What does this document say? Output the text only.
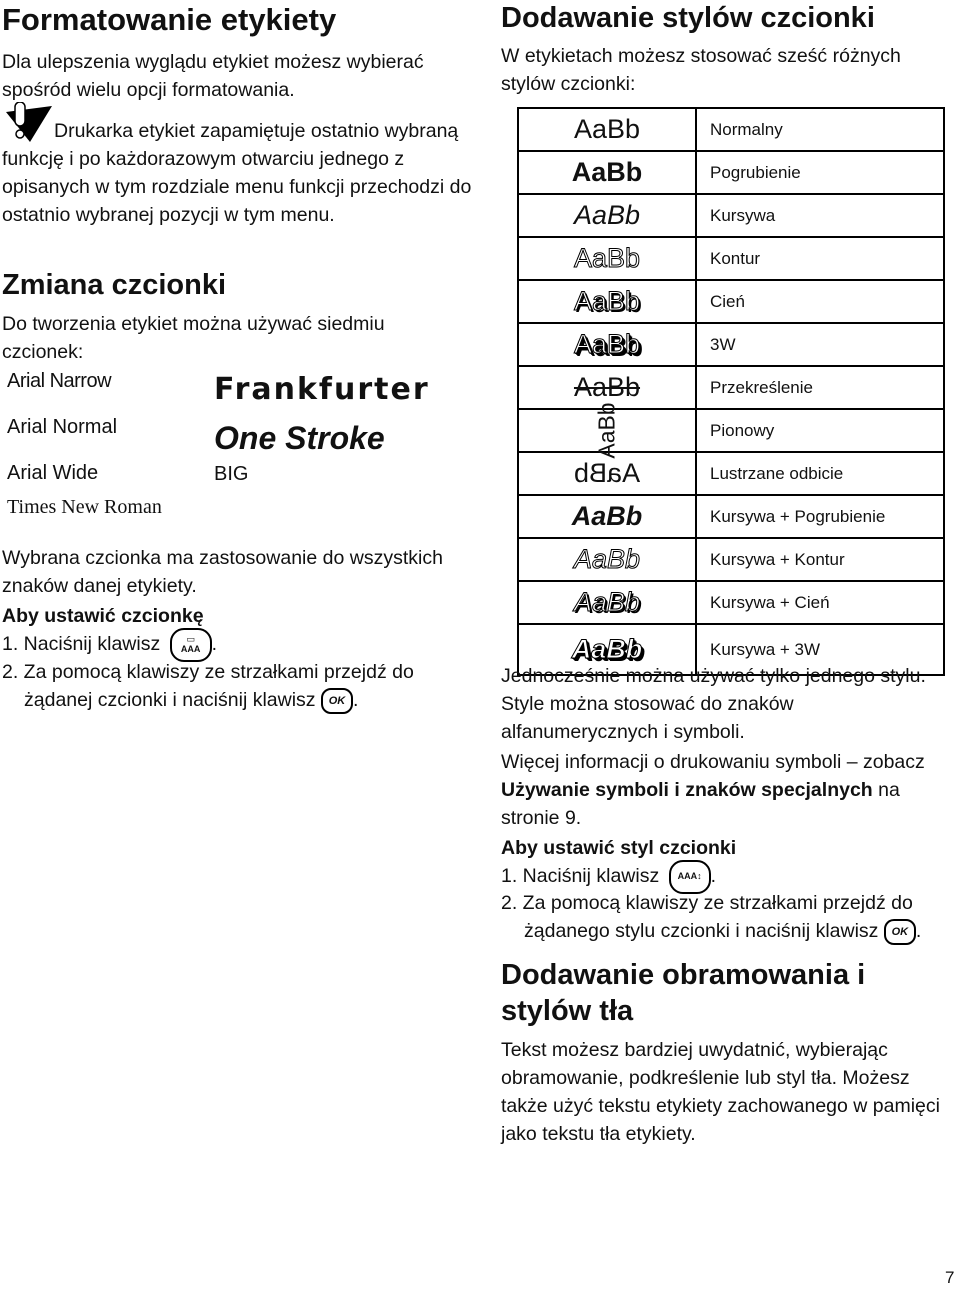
Formatowanie etykiety
Dla ulepszenia wyglądu etykiet możesz wybierać spośród wielu opcji formatowania.
Drukarka etykiet zapamiętuje ostatnio wybraną funkcję i po każdorazowym otwarciu jednego z opisanych w tym rozdziale menu funkcji przechodzi do ostatnio wybranej pozycji w tym menu.
Zmiana czcionki
Do tworzenia etykiet można używać siedmiu czcionek:
Arial Narrow
Arial Normal
Arial Wide
Times New Roman
Frankfurter
One Stroke
BIG
Wybrana czcionka ma zastosowanie do wszystkich znaków danej etykiety.
Aby ustawić czcionkę
1. Naciśnij klawisz	▭
AAA .
2. Za pomocą klawiszy ze strzałkami przejdź do
żądanej czcionki i naciśnij klawisz OK .
Dodawanie stylów czcionki
W etykietach możesz stosować sześć różnych stylów czcionki:
AaBb	Normalny
AaBb	Pogrubienie
AaBb	Kursywa
AaBb	Kontur
AaBb	Cień
AaBb	3W
AaBb	Przekreślenie
AaBb	Pionowy
AaBb	Lustrzane odbicie
AaBb	Kursywa + Pogrubienie
AaBb	Kursywa + Kontur
AaBb	Kursywa + Cień
AaBb	Kursywa + 3W
Jednocześnie można używać tylko jednego stylu. Style można stosować do znaków alfanumerycznych i symboli.
Więcej informacji o drukowaniu symboli – zobacz Używanie symboli i znaków specjalnych na stronie 9.
Aby ustawić styl czcionki
1. Naciśnij klawisz	AAA↕ .
2. Za pomocą klawiszy ze strzałkami przejdź do
żądanego stylu czcionki i naciśnij klawisz OK .
Dodawanie obramowania i stylów tła
Tekst możesz bardziej uwydatnić, wybierając obramowanie, podkreślenie lub styl tła. Możesz także użyć tekstu etykiety zachowanego w pamięci jako tekstu tła etykiety.
7
